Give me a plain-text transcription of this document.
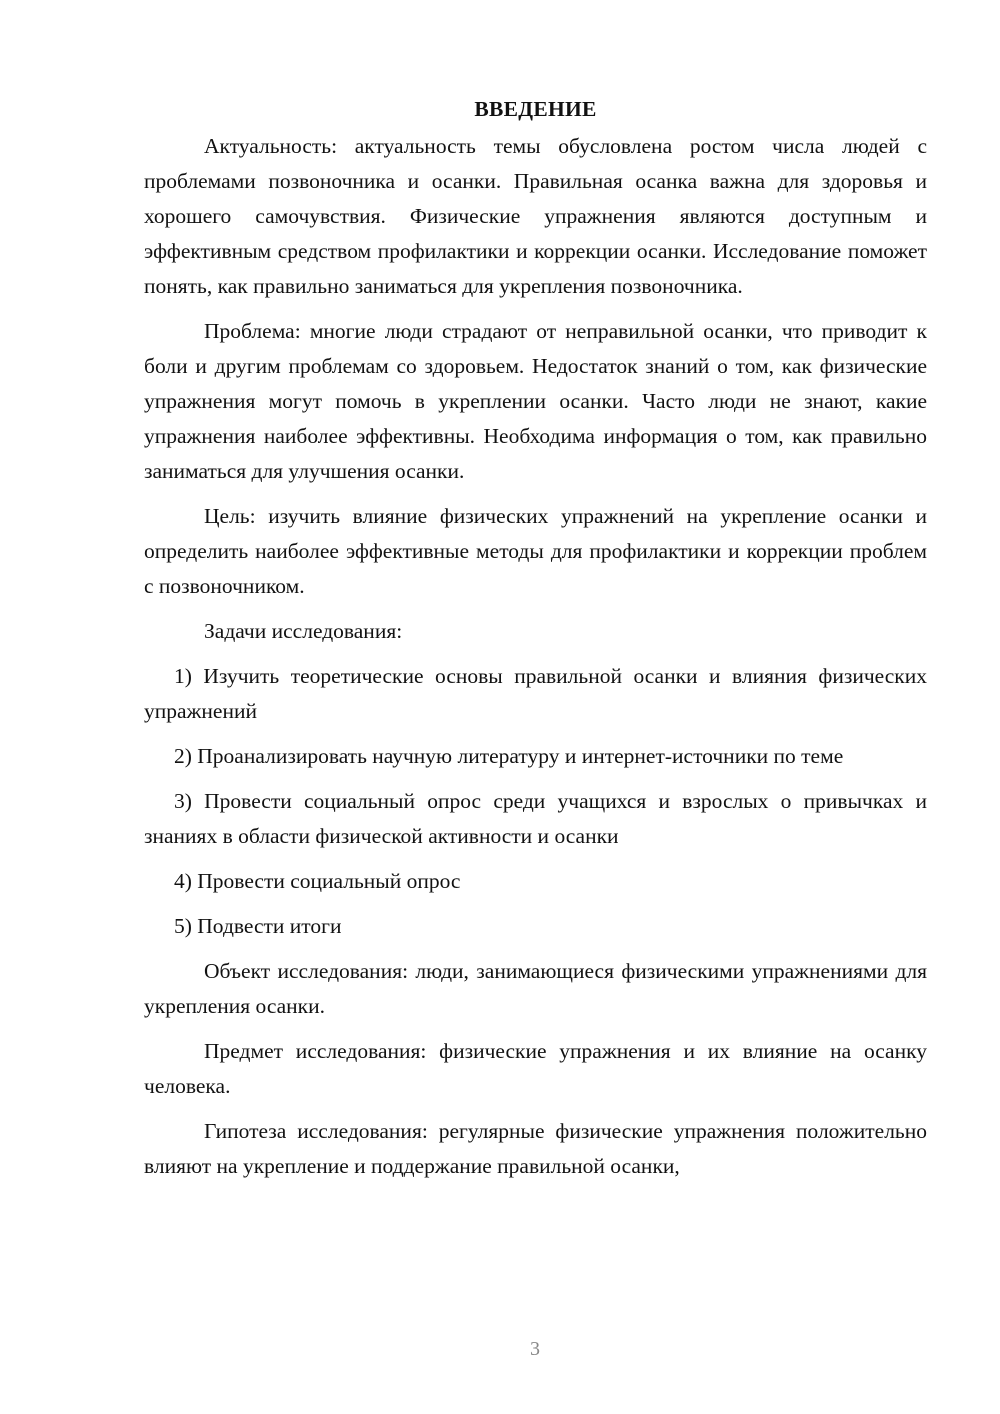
ВВЕДЕНИЕ

Актуальность: актуальность темы обусловлена ростом числа людей с проблемами позвоночника и осанки. Правильная осанка важна для здоровья и хорошего самочувствия. Физические упражнения являются доступным и эффективным средством профилактики и коррекции осанки. Исследование поможет понять, как правильно заниматься для укрепления позвоночника.

Проблема: многие люди страдают от неправильной осанки, что приводит к боли и другим проблемам со здоровьем. Недостаток знаний о том, как физические упражнения могут помочь в укреплении осанки. Часто люди не знают, какие упражнения наиболее эффективны. Необходима информация о том, как правильно заниматься для улучшения осанки.

Цель: изучить влияние физических упражнений на укрепление осанки и определить наиболее эффективные методы для профилактики и коррекции проблем с позвоночником.

Задачи исследования:

1) Изучить теоретические основы правильной осанки и влияния физических упражнений

2) Проанализировать научную литературу и интернет-источники по теме

3) Провести социальный опрос среди учащихся и взрослых о привычках и знаниях в области физической активности и осанки

4) Провести социальный опрос

5) Подвести итоги

Объект исследования: люди, занимающиеся физическими упражнениями для укрепления осанки.

Предмет исследования: физические упражнения и их влияние на осанку человека.

Гипотеза исследования: регулярные физические упражнения положительно влияют на укрепление и поддержание правильной осанки,

3
